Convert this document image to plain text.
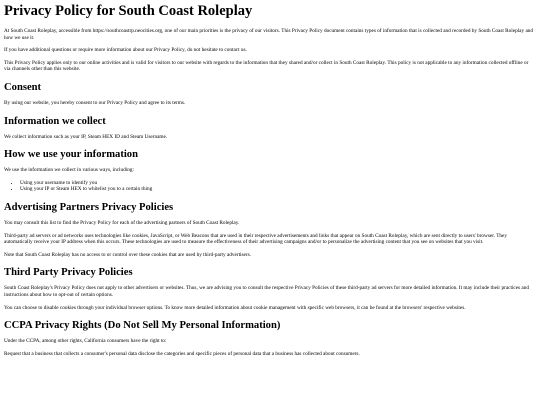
Privacy Policy for South Coast Roleplay

At South Coast Roleplay, accessible from https://southcoastrp.neocities.org, one of our main priorities is the privacy of our visitors. This Privacy Policy document contains types of information that is collected and recorded by South Coast Roleplay and how we use it.

If you have additional questions or require more information about our Privacy Policy, do not hesitate to contact us.

This Privacy Policy applies only to our online activities and is valid for visitors to our website with regards to the information that they shared and/or collect in South Coast Roleplay. This policy is not applicable to any information collected offline or via channels other than this website.

Consent

By using our website, you hereby consent to our Privacy Policy and agree to its terms.

Information we collect

We collect information such as your IP, Steam HEX ID and Steam Username.

How we use your information

We use the information we collect in various ways, including:

• Using your username to identify you
• Using your IP or Steam HEX to whitelist you to a certain thing
Advertising Partners Privacy Policies

You may consult this list to find the Privacy Policy for each of the advertising partners of South Coast Roleplay.

Third-party ad servers or ad networks uses technologies like cookies, JavaScript, or Web Beacons that are used in their respective advertisements and links that appear on South Coast Roleplay, which are sent directly to users' browser. They automatically receive your IP address when this occurs. These technologies are used to measure the effectiveness of their advertising campaigns and/or to personalize the advertising content that you see on websites that you visit.

Note that South Coast Roleplay has no access to or control over these cookies that are used by third-party advertisers.

Third Party Privacy Policies

South Coast Roleplay's Privacy Policy does not apply to other advertisers or websites. Thus, we are advising you to consult the respective Privacy Policies of these third-party ad servers for more detailed information. It may include their practices and instructions about how to opt-out of certain options.

You can choose to disable cookies through your individual browser options. To know more detailed information about cookie management with specific web browsers, it can be found at the browsers' respective websites.

CCPA Privacy Rights (Do Not Sell My Personal Information)

Under the CCPA, among other rights, California consumers have the right to:

Request that a business that collects a consumer's personal data disclose the categories and specific pieces of personal data that a business has collected about consumers.
